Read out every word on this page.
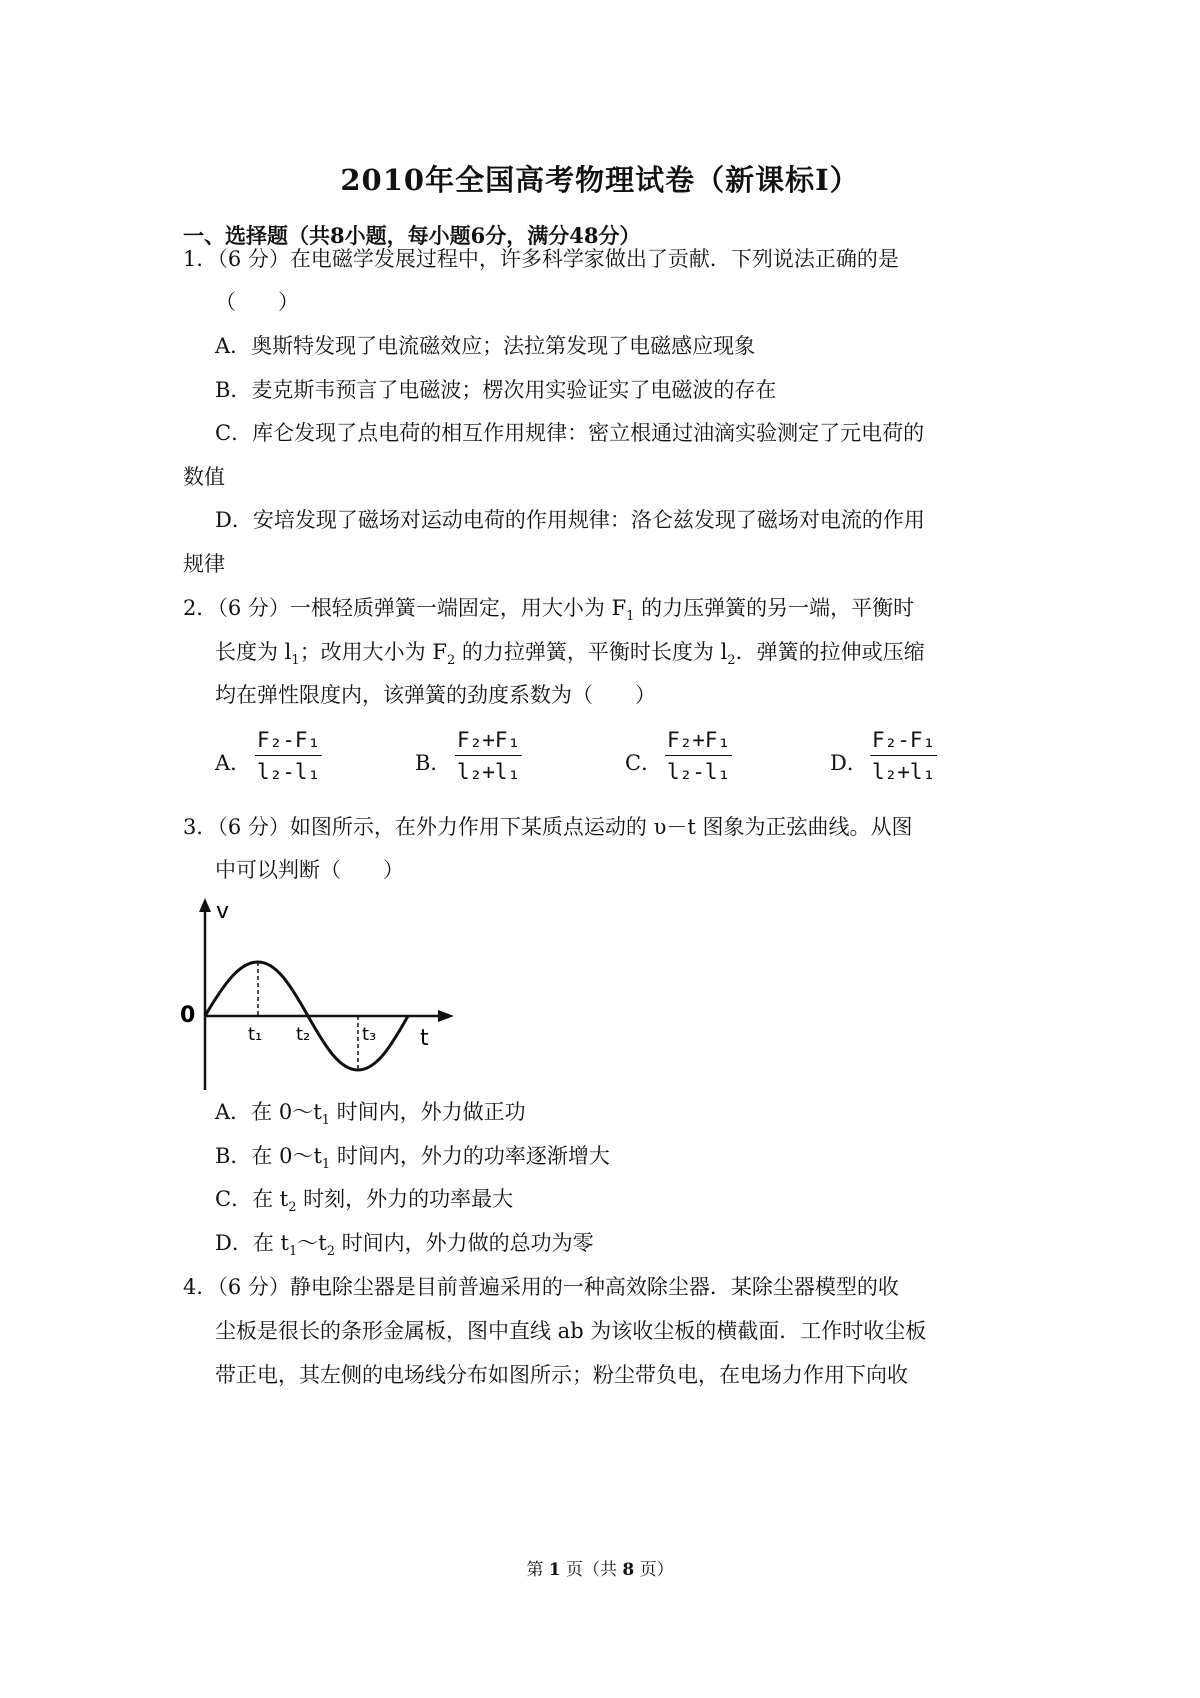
2010年全国高考物理试卷（新课标Ⅰ）
一、选择题（共8小题，每小题6分，满分48分）
1．（6 分）在电磁学发展过程中，许多科学家做出了贡献．下列说法正确的是
（　　）
A．奥斯特发现了电流磁效应；法拉第发现了电磁感应现象
B．麦克斯韦预言了电磁波；楞次用实验证实了电磁波的存在
C．库仑发现了点电荷的相互作用规律：密立根通过油滴实验测定了元电荷的
数值
D．安培发现了磁场对运动电荷的作用规律：洛仑兹发现了磁场对电流的作用
规律
2．（6 分）一根轻质弹簧一端固定，用大小为 $F_1$ 的力压弹簧的另一端，平衡时
长度为 $l_1$；改用大小为 $F_2$ 的力拉弹簧，平衡时长度为 $l_2$．弹簧的拉伸或压缩
均在弹性限度内，该弹簧的劲度系数为（　　）
A．
F₂-F₁
l₂-l₁	B．
F₂+F₁
l₂+l₁	C．
F₂+F₁
l₂-l₁	D．
F₂-F₁
l₂+l₁
3．（6 分）如图所示，在外力作用下某质点运动的 υ－t 图象为正弦曲线。从图
中可以判断（　　）
v
0
t₁ t₂	t₃ t
A．在 $0\sim t_1$ 时间内，外力做正功
B．在 $0\sim t_1$ 时间内，外力的功率逐渐增大
C．在 $t_2$ 时刻，外力的功率最大
D．在 $t_1\sim t_2$ 时间内，外力做的总功为零
4．（6 分）静电除尘器是目前普遍采用的一种高效除尘器．某除尘器模型的收
尘板是很长的条形金属板，图中直线 ab 为该收尘板的横截面．工作时收尘板
带正电，其左侧的电场线分布如图所示；粉尘带负电，在电场力作用下向收
第 1 页（共 8 页）
